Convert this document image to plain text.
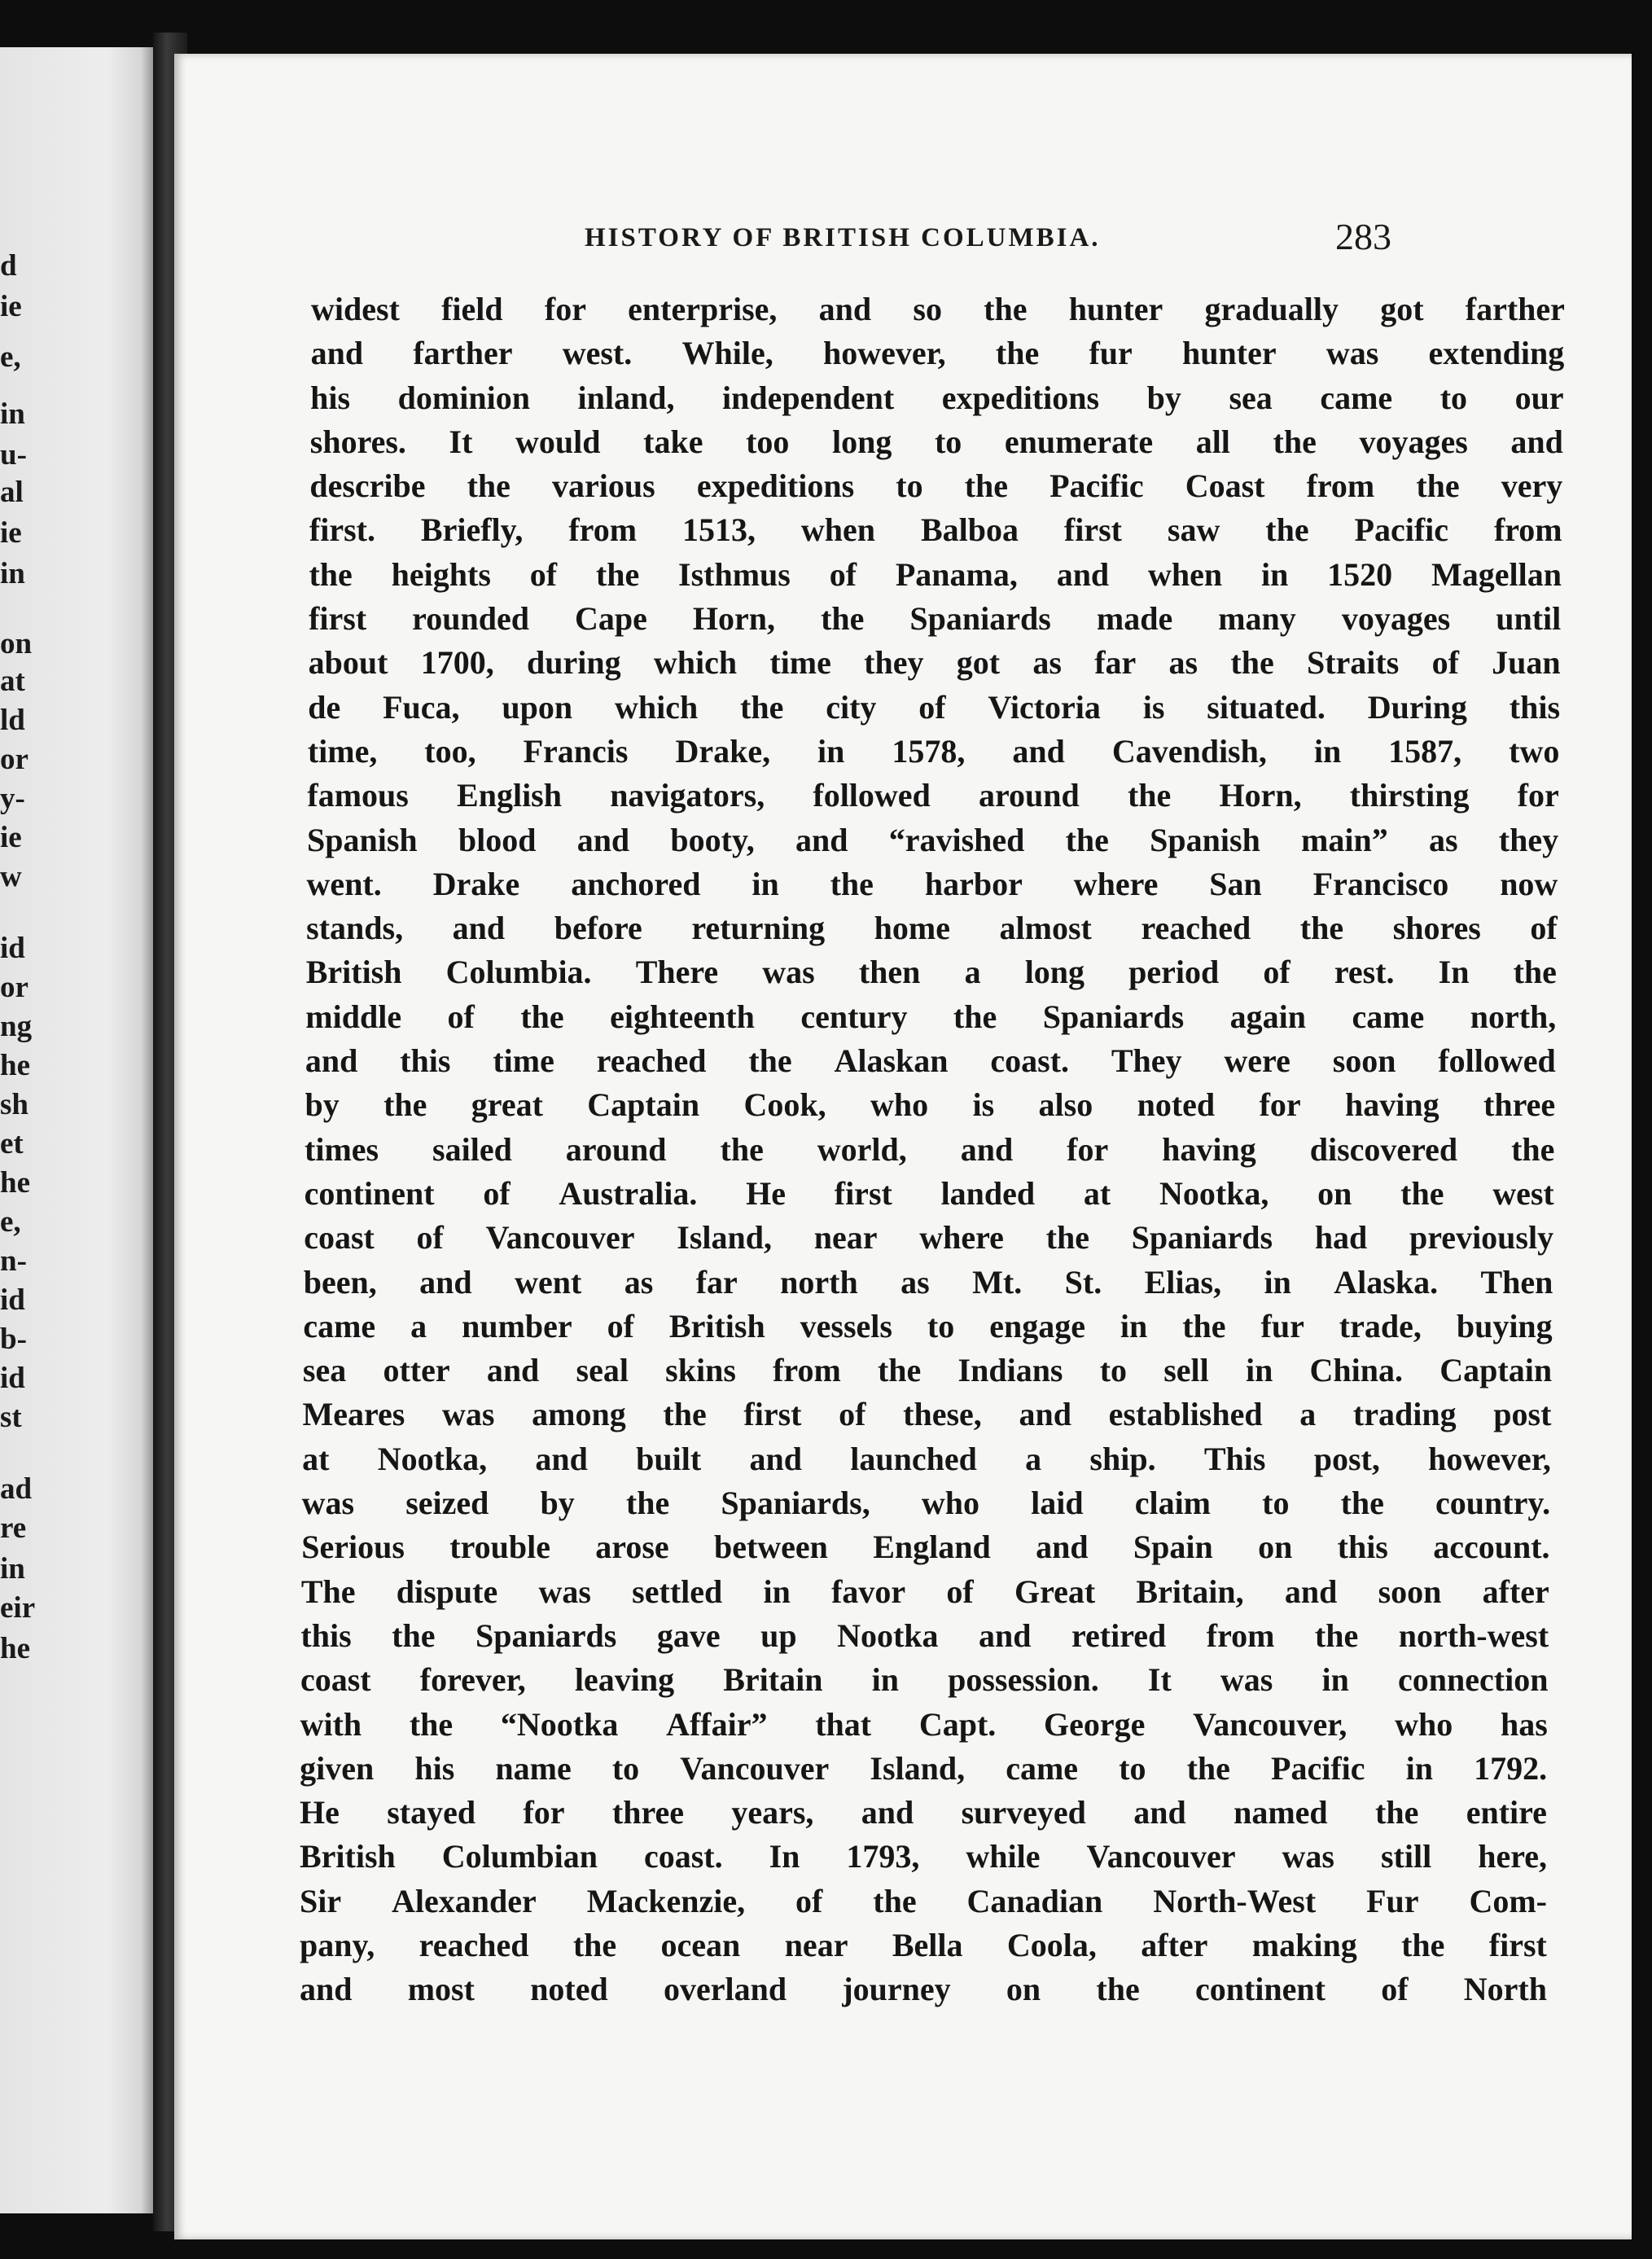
d
ie
e,
in
u-
al
ie
in
on
at
ld
or
y-
ie
w
id
or
ng
he
sh
et
he
e,
n-
id
b-
id
st
ad
re
in
eir
he
HISTORY OF BRITISH COLUMBIA.	283
widest field for enterprise, and so the hunter gradually got farther
and farther west. While, however, the fur hunter was extending
his dominion inland, independent expeditions by sea came to our
shores. It would take too long to enumerate all the voyages and
describe the various expeditions to the Pacific Coast from the very
first. Briefly, from 1513, when Balboa first saw the Pacific from
the heights of the Isthmus of Panama, and when in 1520 Magellan
first rounded Cape Horn, the Spaniards made many voyages until
about 1700, during which time they got as far as the Straits of Juan
de Fuca, upon which the city of Victoria is situated. During this
time, too, Francis Drake, in 1578, and Cavendish, in 1587, two
famous English navigators, followed around the Horn, thirsting for
Spanish blood and booty, and “ravished the Spanish main” as they
went. Drake anchored in the harbor where San Francisco now
stands, and before returning home almost reached the shores of
British Columbia. There was then a long period of rest. In the
middle of the eighteenth century the Spaniards again came north,
and this time reached the Alaskan coast. They were soon followed
by the great Captain Cook, who is also noted for having three
times sailed around the world, and for having discovered the
continent of Australia. He first landed at Nootka, on the west
coast of Vancouver Island, near where the Spaniards had previously
been, and went as far north as Mt. St. Elias, in Alaska. Then
came a number of British vessels to engage in the fur trade, buying
sea otter and seal skins from the Indians to sell in China. Captain
Meares was among the first of these, and established a trading post
at Nootka, and built and launched a ship. This post, however,
was seized by the Spaniards, who laid claim to the country.
Serious trouble arose between England and Spain on this account.
The dispute was settled in favor of Great Britain, and soon after
this the Spaniards gave up Nootka and retired from the north-west
coast forever, leaving Britain in possession. It was in connection
with the “Nootka Affair” that Capt. George Vancouver, who has
given his name to Vancouver Island, came to the Pacific in 1792.
He stayed for three years, and surveyed and named the entire
British Columbian coast. In 1793, while Vancouver was still here,
Sir Alexander Mackenzie, of the Canadian North-West Fur Com-
pany, reached the ocean near Bella Coola, after making the first
and most noted overland journey on the continent of North
